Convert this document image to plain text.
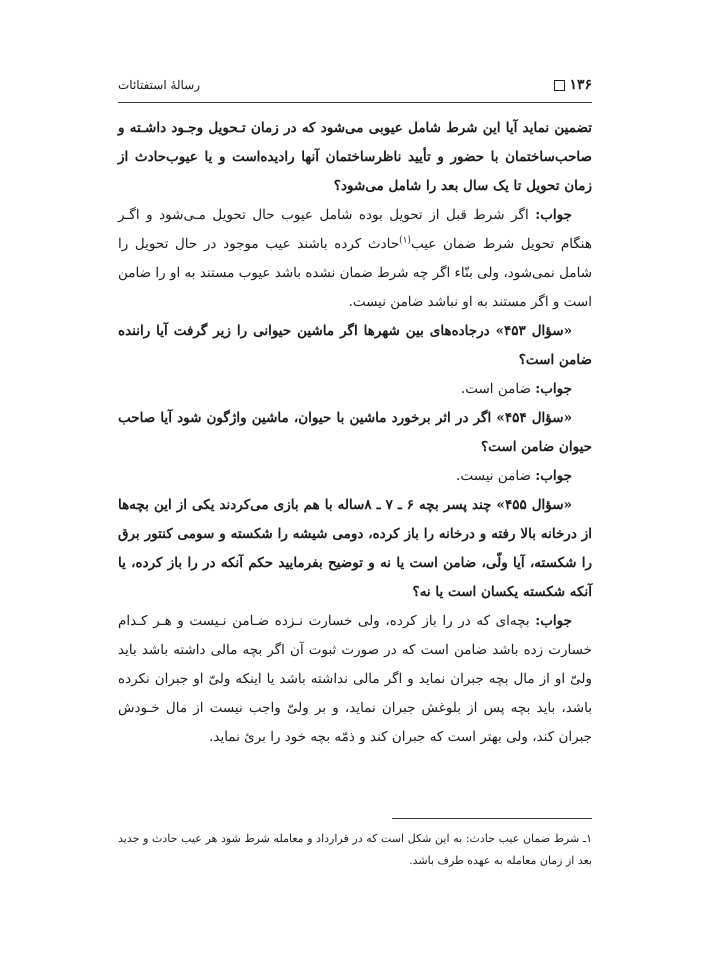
۱۳۶
رسالهٔ استفتائات

تضمین نماید آیا این شرط شامل عیوبی می‌شود که در زمان تـحویل وجـود داشـته و صاحب‌ساختمان با حضور و تأیید ناظرساختمان آنها رادیده‌است و یا عیوب‌حادث از زمان تحویل تا یک سال بعد را شامل می‌شود؟

جواب: اگر شرط قبل از تحویل بوده شامل عیوب حال تحویل مـی‌شود و اگـر هنگام تحویل شرط ضمان عیب$^{(۱)}$حادث کرده باشند عیب موجود در حال تحویل را شامل نمی‌شود، ولی بنّاء اگر چه شرط ضمان نشده باشد عیوب مستند به او را ضامن است و اگر مستند به او نباشد ضامن نیست.

«سؤال ۴۵۳» درجاده‌های بین شهرها اگر ماشین حیوانی را زیر گرفت آیا راننده ضامن است؟

جواب: ضامن است.

«سؤال ۴۵۴» اگر در اثر برخورد ماشین با حیوان، ماشین واژگون شود آیا صاحب حیوان ضامن است؟

جواب: ضامن نیست.

«سؤال ۴۵۵» چند پسر بچه ۶ ـ ۷ ـ ۸ساله با هم بازی می‌کردند یکی از این بچه‌ها از درخانه بالا رفته و درخانه را باز کرده، دومی شیشه را شکسته و سومی کنتور برق را شکسته، آیا ولّی، ضامن است یا نه و توضیح بفرمایید حکم آنکه در را باز کرده، یا آنکه شکسته یکسان است یا نه؟

جواب: بچه‌ای که در را باز کرده، ولی خسارت نـزده ضـامن نـیست و هـر کـدام خسارت زده باشد ضامن است که در صورت ثبوت آن اگر بچه مالی داشته باشد باید ولیّ او از مال بچه جبران نماید و اگر مالی نداشته باشد یا اینکه ولیّ او جبران نکرده باشد، باید بچه پس از بلوغش جبران نماید، و بر ولیّ واجب نیست از مال خـودش جبران کند، ولی بهتر است که جبران کند و ذمّه بچه خود را بریٔ نماید.

۱ـ شرط ضمان عیب حادث: به این شکل است که در قرارداد و معامله شرط شود هر عیب حادث و جدید بعد از زمان معامله به عهده طرف باشد.
